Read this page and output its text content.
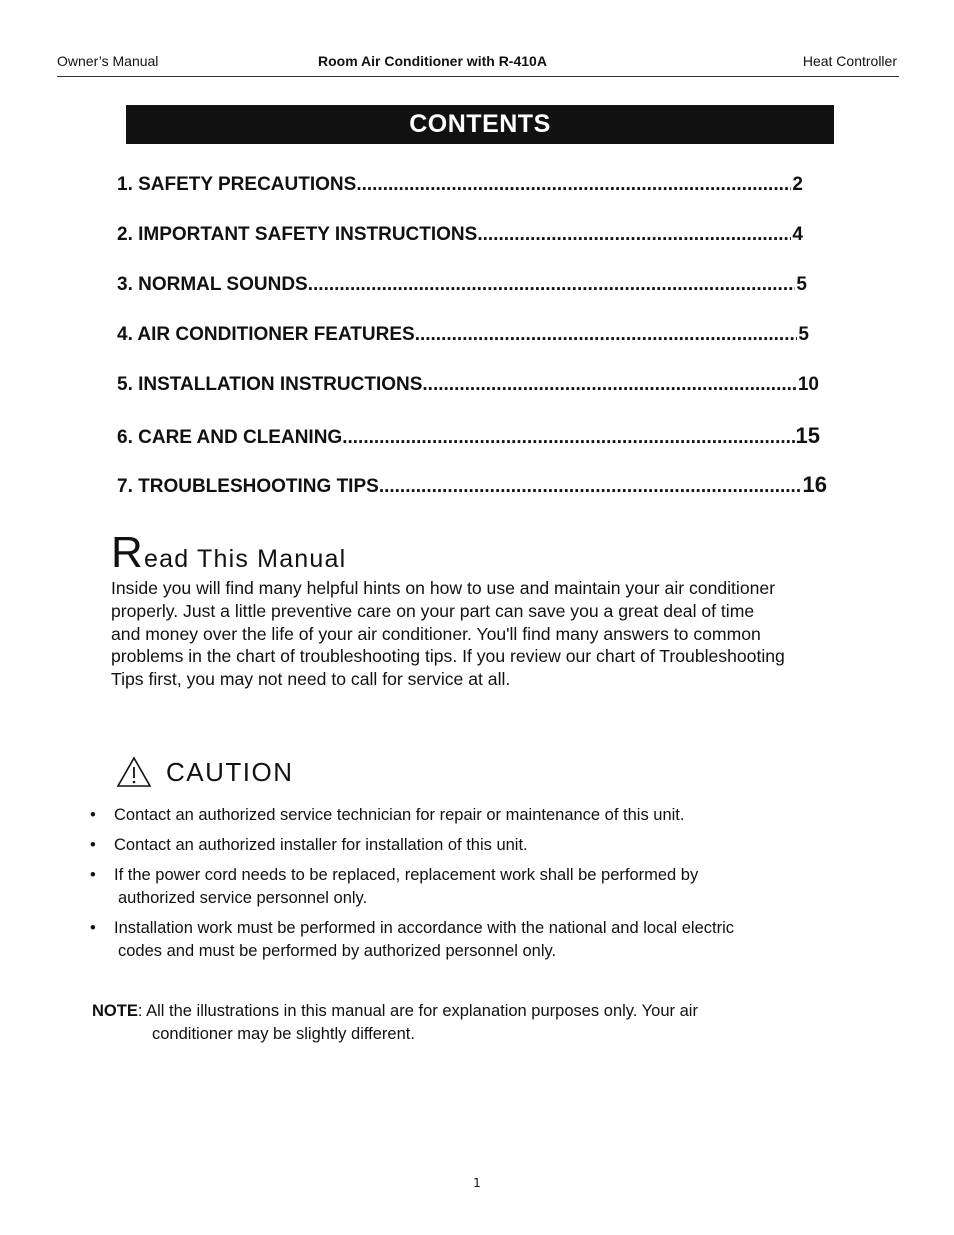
Owner’s Manual	Room Air Conditioner with R-410A	Heat Controller
CONTENTS
1. SAFETY PRECAUTIONS .....	2
2. IMPORTANT SAFETY INSTRUCTIONS .....	4
3. NORMAL SOUNDS .....	5
4. AIR CONDITIONER FEATURES .....	5
5. INSTALLATION INSTRUCTIONS .....	10
6. CARE AND CLEANING .....	15
7. TROUBLESHOOTING TIPS .....	16
Read This Manual
Inside you will find many helpful hints on how to use and maintain your air conditioner
properly. Just a little preventive care on your part can save you a great deal of time
and money over the life of your air conditioner. You'll find many answers to common
problems in the chart of troubleshooting tips. If you review our chart of Troubleshooting
Tips first, you may not need to call for service at all.
CAUTION
• Contact an authorized service technician for repair or maintenance of this unit.
• Contact an authorized installer for installation of this unit.
• If the power cord needs to be replaced, replacement work shall be performed by
authorized service personnel only.
• Installation work must be performed in accordance with the national and local electric
codes and must be performed by authorized personnel only.
NOTE: All the illustrations in this manual are for explanation purposes only. Your air
conditioner may be slightly different.
1
